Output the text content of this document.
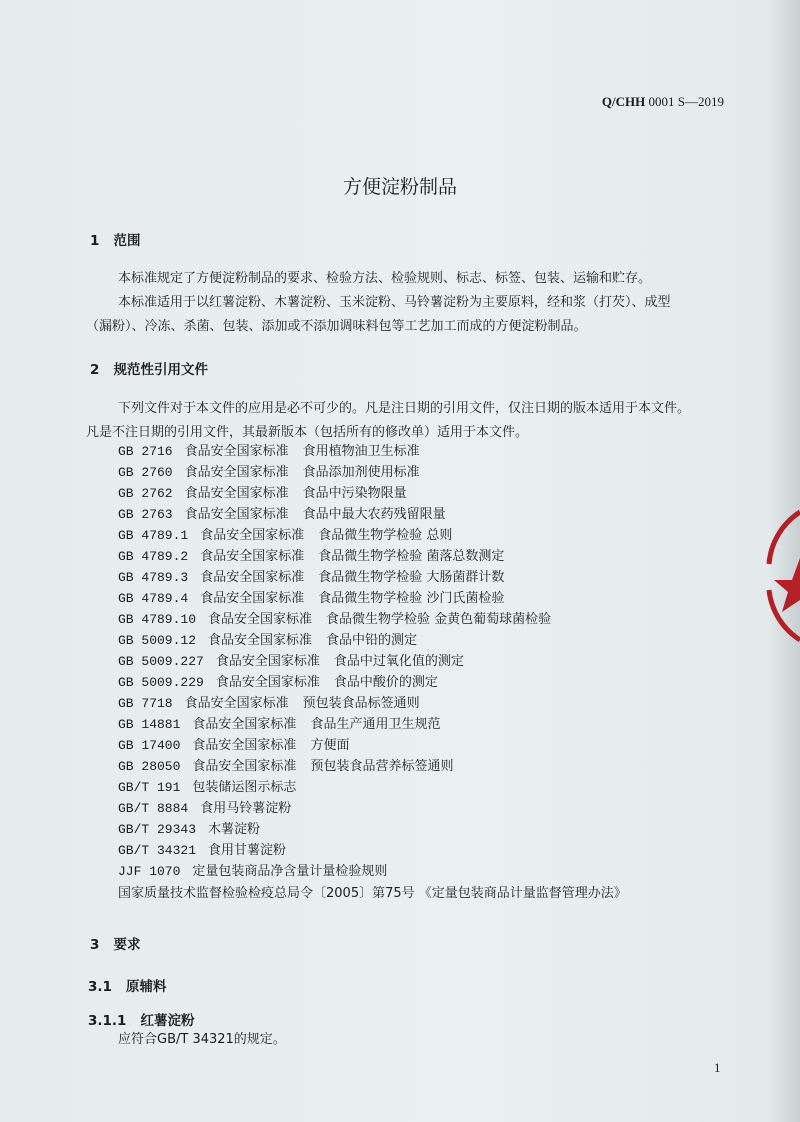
Q/CHH 0001 S—2019
方便淀粉制品
1 范围
本标准规定了方便淀粉制品的要求、检验方法、检验规则、标志、标签、包装、运输和贮存。
本标准适用于以红薯淀粉、木薯淀粉、玉米淀粉、马铃薯淀粉为主要原料，经和浆（打芡）、成型
（漏粉）、冷冻、杀菌、包装、添加或不添加调味料包等工艺加工而成的方便淀粉制品。
2 规范性引用文件
下列文件对于本文件的应用是必不可少的。凡是注日期的引用文件，仅注日期的版本适用于本文件。
凡是不注日期的引用文件，其最新版本（包括所有的修改单）适用于本文件。
GB 2716 食品安全国家标准 食用植物油卫生标准
GB 2760 食品安全国家标准 食品添加剂使用标准
GB 2762 食品安全国家标准 食品中污染物限量
GB 2763 食品安全国家标准 食品中最大农药残留限量
GB 4789.1 食品安全国家标准 食品微生物学检验 总则
GB 4789.2 食品安全国家标准 食品微生物学检验 菌落总数测定
GB 4789.3 食品安全国家标准 食品微生物学检验 大肠菌群计数
GB 4789.4 食品安全国家标准 食品微生物学检验 沙门氏菌检验
GB 4789.10 食品安全国家标准 食品微生物学检验 金黄色葡萄球菌检验
GB 5009.12 食品安全国家标准 食品中铅的测定
GB 5009.227 食品安全国家标准 食品中过氧化值的测定
GB 5009.229 食品安全国家标准 食品中酸价的测定
GB 7718 食品安全国家标准 预包装食品标签通则
GB 14881 食品安全国家标准 食品生产通用卫生规范
GB 17400 食品安全国家标准 方便面
GB 28050 食品安全国家标准 预包装食品营养标签通则
GB/T 191 包装储运图示标志
GB/T 8884 食用马铃薯淀粉
GB/T 29343 木薯淀粉
GB/T 34321 食用甘薯淀粉
JJF 1070 定量包装商品净含量计量检验规则
国家质量技术监督检验检疫总局令〔2005〕第75号 《定量包装商品计量监督管理办法》
3 要求
3.1 原辅料
3.1.1 红薯淀粉
应符合GB/T 34321的规定。
1
